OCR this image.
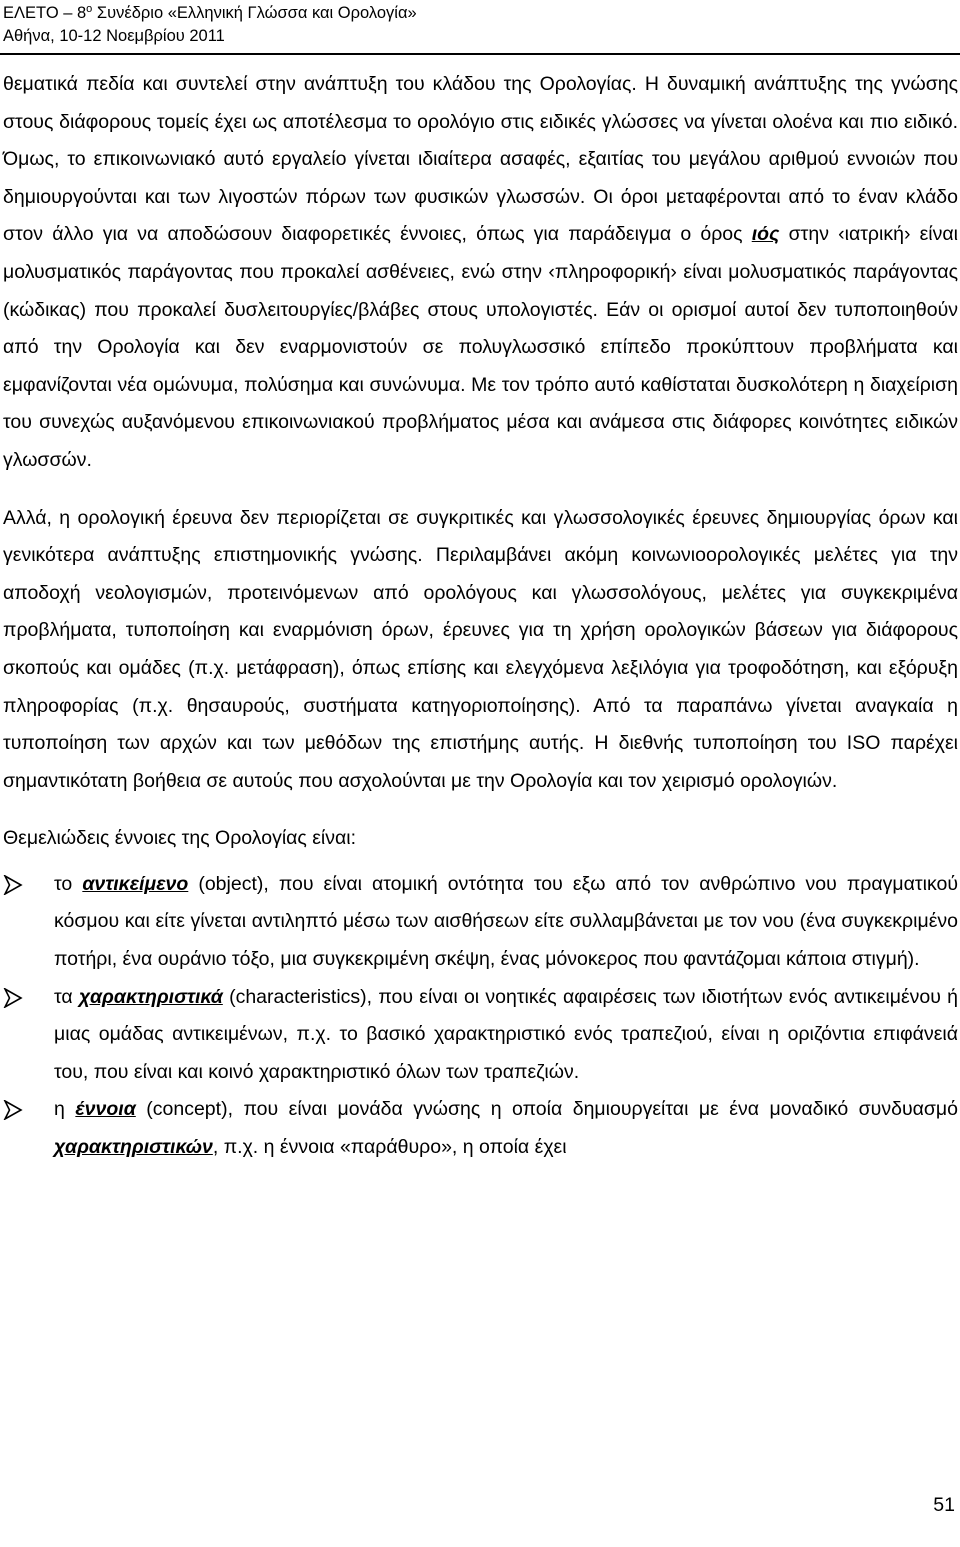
ΕΛΕΤΟ – $8^o$ Συνέδριο «Ελληνική Γλώσσα και Ορολογία»
Αθήνα, 10-12 Νοεμβρίου 2011

θεματικά πεδία και συντελεί στην ανάπτυξη του κλάδου της Ορολογίας. Η δυναμική ανάπτυξης της γνώσης στους διάφορους τομείς έχει ως αποτέλεσμα το ορολόγιο στις ειδικές γλώσσες να γίνεται ολοένα και πιο ειδικό. Όμως, το επικοινωνιακό αυτό εργαλείο γίνεται ιδιαίτερα ασαφές, εξαιτίας του μεγάλου αριθμού εννοιών που δημιουργούνται και των λιγοστών πόρων των φυσικών γλωσσών. Οι όροι μεταφέρονται από το έναν κλάδο στον άλλο για να αποδώσουν διαφορετικές έννοιες, όπως για παράδειγμα ο όρος ιός στην ‹ιατρική› είναι μολυσματικός παράγοντας που προκαλεί ασθένειες, ενώ στην ‹πληροφορική› είναι μολυσματικός παράγοντας (κώδικας) που προκαλεί δυσλειτουργίες/βλάβες στους υπολογιστές. Εάν οι ορισμοί αυτοί δεν τυποποιηθούν από την Ορολογία και δεν εναρμονιστούν σε πολυγλωσσικό επίπεδο προκύπτουν προβλήματα και εμφανίζονται νέα ομώνυμα, πολύσημα και συνώνυμα. Με τον τρόπο αυτό καθίσταται δυσκολότερη η διαχείριση του συνεχώς αυξανόμενου επικοινωνιακού προβλήματος μέσα και ανάμεσα στις διάφορες κοινότητες ειδικών γλωσσών.

Αλλά, η ορολογική έρευνα δεν περιορίζεται σε συγκριτικές και γλωσσολογικές έρευνες δημιουργίας όρων και γενικότερα ανάπτυξης επιστημονικής γνώσης. Περιλαμβάνει ακόμη κοινωνιοορολογικές μελέτες για την αποδοχή νεολογισμών, προτεινόμενων από ορολόγους και γλωσσολόγους, μελέτες για συγκεκριμένα προβλήματα, τυποποίηση και εναρμόνιση όρων, έρευνες για τη χρήση ορολογικών βάσεων για διάφορους σκοπούς και ομάδες (π.χ. μετάφραση), όπως επίσης και ελεγχόμενα λεξιλόγια για τροφοδότηση, και εξόρυξη πληροφορίας (π.χ. θησαυρούς, συστήματα κατηγοριοποίησης). Από τα παραπάνω γίνεται αναγκαία η τυποποίηση των αρχών και των μεθόδων της επιστήμης αυτής. Η διεθνής τυποποίηση του ISO παρέχει σημαντικότατη βοήθεια σε αυτούς που ασχολούνται με την Ορολογία και τον χειρισμό ορολογιών.

Θεμελιώδεις έννοιες της Ορολογίας είναι:

το αντικείμενο (object), που είναι ατομική οντότητα του εξω από τον ανθρώπινο νου πραγματικού κόσμου και είτε γίνεται αντιληπτό μέσω των αισθήσεων είτε συλλαμβάνεται με τον νου (ένα συγκεκριμένο ποτήρι, ένα ουράνιο τόξο, μια συγκεκριμένη σκέψη, ένας μόνοκερος που φαντάζομαι κάποια στιγμή).
τα χαρακτηριστικά (characteristics), που είναι οι νοητικές αφαιρέσεις των ιδιοτήτων ενός αντικειμένου ή μιας ομάδας αντικειμένων, π.χ. το βασικό χαρακτηριστικό ενός τραπεζιού, είναι η οριζόντια επιφάνειά του, που είναι και κοινό χαρακτηριστικό όλων των τραπεζιών.
η έννοια (concept), που είναι μονάδα γνώσης η οποία δημιουργείται με ένα μοναδικό συνδυασμό χαρακτηριστικών, π.χ. η έννοια «παράθυρο», η οποία έχει
51
